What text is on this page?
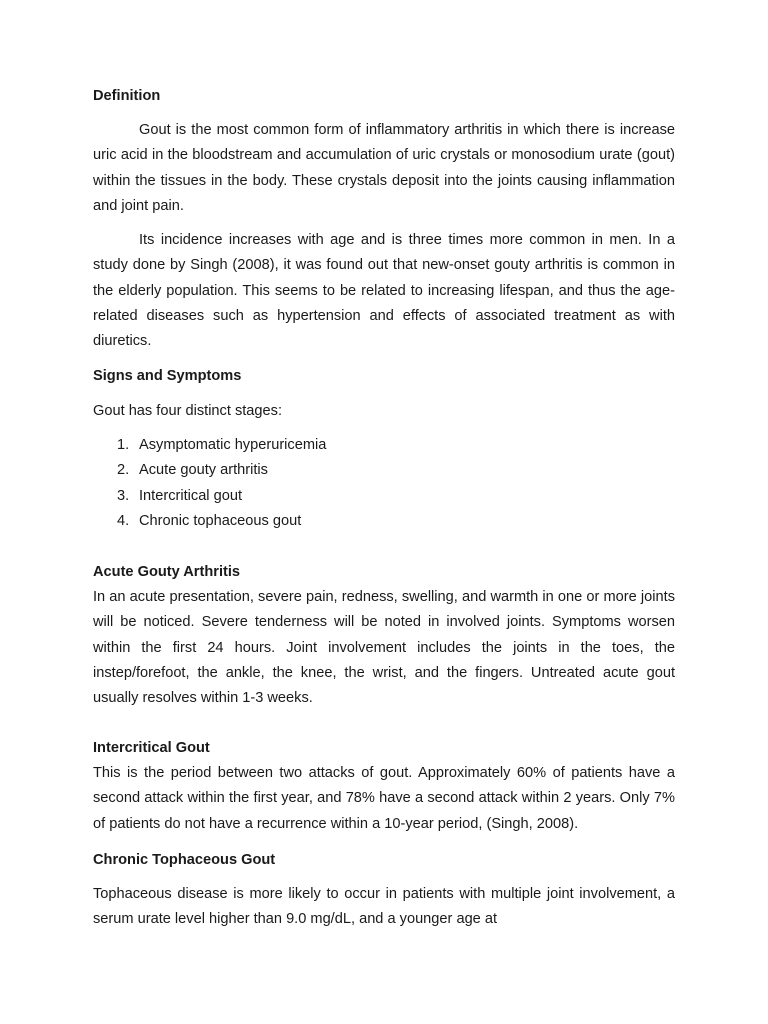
Definition

Gout is the most common form of inflammatory arthritis in which there is increase uric acid in the bloodstream and accumulation of uric crystals or monosodium urate (gout) within the tissues in the body. These crystals deposit into the joints causing inflammation and joint pain.

Its incidence increases with age and is three times more common in men. In a study done by Singh (2008), it was found out that new-onset gouty arthritis is common in the elderly population. This seems to be related to increasing lifespan, and thus the age-related diseases such as hypertension and effects of associated treatment as with diuretics.

Signs and Symptoms
Gout has four distinct stages:
1. Asymptomatic hyperuricemia
2. Acute gouty arthritis
3. Intercritical gout
4. Chronic tophaceous gout
Acute Gouty Arthritis

In an acute presentation, severe pain, redness, swelling, and warmth in one or more joints will be noticed. Severe tenderness will be noted in involved joints. Symptoms worsen within the first 24 hours. Joint involvement includes the joints in the toes, the instep/forefoot, the ankle, the knee, the wrist, and the fingers. Untreated acute gout usually resolves within 1-3 weeks.

Intercritical Gout

This is the period between two attacks of gout. Approximately 60% of patients have a second attack within the first year, and 78% have a second attack within 2 years. Only 7% of patients do not have a recurrence within a 10-year period, (Singh, 2008).

Chronic Tophaceous Gout

Tophaceous disease is more likely to occur in patients with multiple joint involvement, a serum urate level higher than 9.0 mg/dL, and a younger age at
